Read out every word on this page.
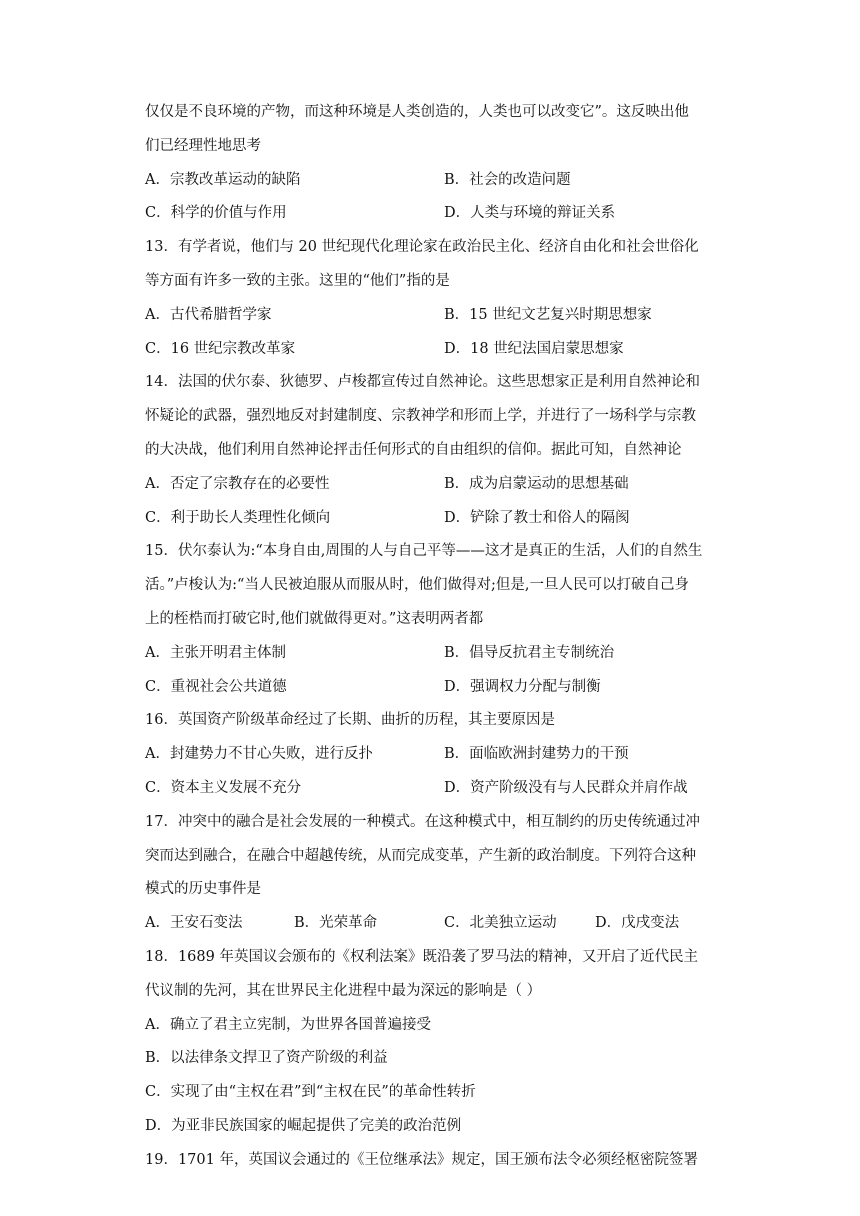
仅仅是不良环境的产物，而这种环境是人类创造的，人类也可以改变它”。这反映出他
们已经理性地思考
A．宗教改革运动的缺陷	B．社会的改造问题
C．科学的价值与作用	D．人类与环境的辩证关系
13．有学者说，他们与 20 世纪现代化理论家在政治民主化、经济自由化和社会世俗化
等方面有许多一致的主张。这里的“他们”指的是
A．古代希腊哲学家	B．15 世纪文艺复兴时期思想家
C．16 世纪宗教改革家	D．18 世纪法国启蒙思想家
14．法国的伏尔泰、狄德罗、卢梭都宣传过自然神论。这些思想家正是利用自然神论和
怀疑论的武器，强烈地反对封建制度、宗教神学和形而上学，并进行了一场科学与宗教
的大决战，他们利用自然神论抨击任何形式的自由组织的信仰。据此可知，自然神论
A．否定了宗教存在的必要性	B．成为启蒙运动的思想基础
C．利于助长人类理性化倾向	D．铲除了教士和俗人的隔阂
15．伏尔泰认为:“本身自由,周围的人与自己平等——这才是真正的生活，人们的自然生
活。”卢梭认为:“当人民被迫服从而服从时，他们做得对;但是,一旦人民可以打破自己身
上的桎梏而打破它时,他们就做得更对。”这表明两者都
A．主张开明君主体制	B．倡导反抗君主专制统治
C．重视社会公共道德	D．强调权力分配与制衡
16．英国资产阶级革命经过了长期、曲折的历程，其主要原因是
A．封建势力不甘心失败，进行反扑	B．面临欧洲封建势力的干预
C．资本主义发展不充分	D．资产阶级没有与人民群众并肩作战
17．冲突中的融合是社会发展的一种模式。在这种模式中，相互制约的历史传统通过冲
突而达到融合，在融合中超越传统，从而完成变革，产生新的政治制度。下列符合这种
模式的历史事件是
A．王安石变法	B．光荣革命	C．北美独立运动	D．戊戌变法
18．1689 年英国议会颁布的《权利法案》既沿袭了罗马法的精神，又开启了近代民主
代议制的先河，其在世界民主化进程中最为深远的影响是（ ）
A．确立了君主立宪制，为世界各国普遍接受
B．以法律条文捍卫了资产阶级的利益
C．实现了由“主权在君”到“主权在民”的革命性转折
D．为亚非民族国家的崛起提供了完美的政治范例
19．1701 年，英国议会通过的《王位继承法》规定，国王颁布法令必须经枢密院签署
